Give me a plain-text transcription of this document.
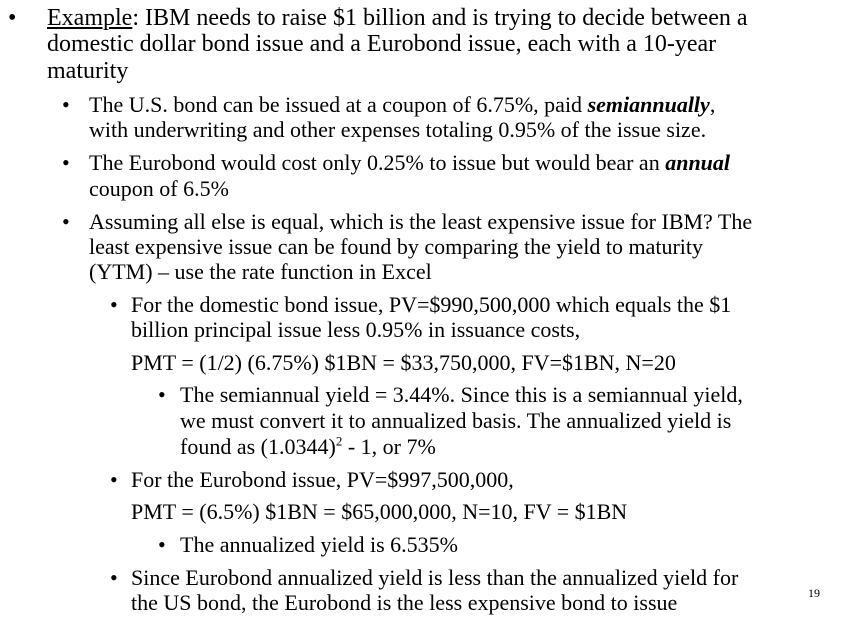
• Example: IBM needs to raise $1 billion and is trying to decide between a
domestic dollar bond issue and a Eurobond issue, each with a 10-year
maturity
• The U.S. bond can be issued at a coupon of 6.75%, paid semiannually,
with underwriting and other expenses totaling 0.95% of the issue size.
• The Eurobond would cost only 0.25% to issue but would bear an annual
coupon of 6.5%
• Assuming all else is equal, which is the least expensive issue for IBM? The
least expensive issue can be found by comparing the yield to maturity
(YTM) – use the rate function in Excel
• For the domestic bond issue, PV=$990,500,000 which equals the $1
billion principal issue less 0.95% in issuance costs,
PMT = (1/2) (6.75%) $1BN = $33,750,000, FV=$1BN, N=20
• The semiannual yield = 3.44%. Since this is a semiannual yield,
we must convert it to annualized basis. The annualized yield is
found as $(1.0344)^2 - 1$, or 7%
• For the Eurobond issue, PV=$997,500,000,
PMT = (6.5%) $1BN = $65,000,000, N=10, FV = $1BN
• The annualized yield is 6.535%
• Since Eurobond annualized yield is less than the annualized yield for
the US bond, the Eurobond is the less expensive bond to issue	19
